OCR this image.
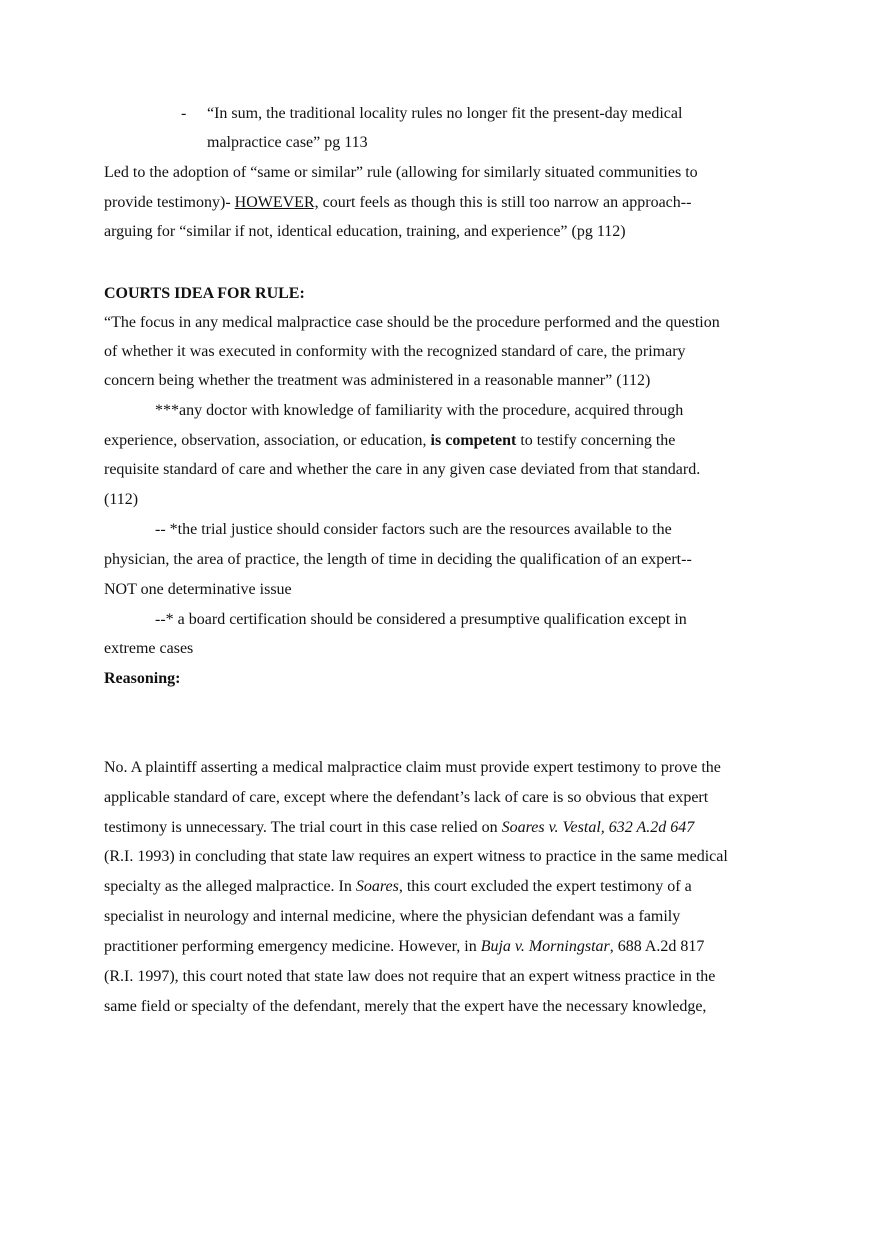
- “In sum, the traditional locality rules no longer fit the present-day medical
malpractice case” pg 113
Led to the adoption of “same or similar” rule (allowing for similarly situated communities to
provide testimony)- HOWEVER, court feels as though this is still too narrow an approach--
arguing for “similar if not, identical education, training, and experience” (pg 112)
COURTS IDEA FOR RULE:
“The focus in any medical malpractice case should be the procedure performed and the question
of whether it was executed in conformity with the recognized standard of care, the primary
concern being whether the treatment was administered in a reasonable manner” (112)
***any doctor with knowledge of familiarity with the procedure, acquired through
experience, observation, association, or education, is competent to testify concerning the
requisite standard of care and whether the care in any given case deviated from that standard.
(112)
-- *the trial justice should consider factors such are the resources available to the
physician, the area of practice, the length of time in deciding the qualification of an expert--
NOT one determinative issue
--* a board certification should be considered a presumptive qualification except in
extreme cases
Reasoning:
No. A plaintiff asserting a medical malpractice claim must provide expert testimony to prove the
applicable standard of care, except where the defendant’s lack of care is so obvious that expert
testimony is unnecessary. The trial court in this case relied on Soares v. Vestal, 632 A.2d 647
(R.I. 1993) in concluding that state law requires an expert witness to practice in the same medical
specialty as the alleged malpractice. In Soares, this court excluded the expert testimony of a
specialist in neurology and internal medicine, where the physician defendant was a family
practitioner performing emergency medicine. However, in Buja v. Morningstar, 688 A.2d 817
(R.I. 1997), this court noted that state law does not require that an expert witness practice in the
same field or specialty of the defendant, merely that the expert have the necessary knowledge,
